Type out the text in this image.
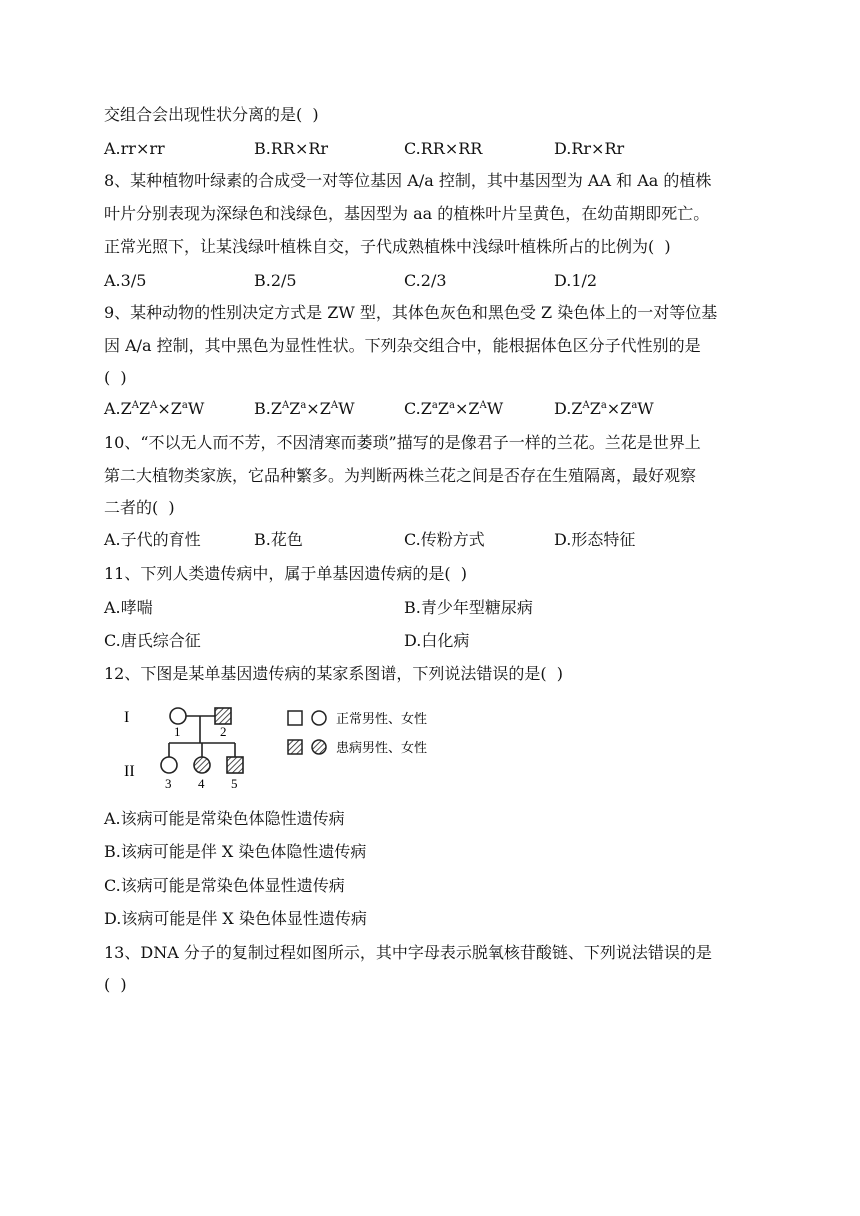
交组合会出现性状分离的是(  )
A.rr×rr	B.RR×Rr	C.RR×RR	D.Rr×Rr
8、某种植物叶绿素的合成受一对等位基因 A/a 控制，其中基因型为 AA 和 Aa 的植株
叶片分别表现为深绿色和浅绿色，基因型为 aa 的植株叶片呈黄色，在幼苗期即死亡。
正常光照下，让某浅绿叶植株自交，子代成熟植株中浅绿叶植株所占的比例为(  )
A.3/5	B.2/5	C.2/3	D.1/2
9、某种动物的性别决定方式是 ZW 型，其体色灰色和黑色受 Z 染色体上的一对等位基
因 A/a 控制，其中黑色为显性性状。下列杂交组合中，能根据体色区分子代性别的是
(  )
$A.Z^AZ^A\times Z^aW$	$B.Z^AZ^a\times Z^AW$	$C.Z^aZ^a\times Z^AW$	$D.Z^AZ^a\times Z^aW$
10、“不以无人而不芳，不因清寒而萎琐”描写的是像君子一样的兰花。兰花是世界上
第二大植物类家族，它品种繁多。为判断两株兰花之间是否存在生殖隔离，最好观察
二者的(  )
A.子代的育性	B.花色	C.传粉方式	D.形态特征
11、下列人类遗传病中，属于单基因遗传病的是(  )
A.哮喘	B.青少年型糖尿病
C.唐氏综合征	D.白化病
12、下图是某单基因遗传病的某家系图谱，下列说法错误的是(  )
I
II
1	2
3 4 5
正常男性、女性
患病男性、女性
A.该病可能是常染色体隐性遗传病
B.该病可能是伴 X 染色体隐性遗传病
C.该病可能是常染色体显性遗传病
D.该病可能是伴 X 染色体显性遗传病
13、DNA 分子的复制过程如图所示，其中字母表示脱氧核苷酸链、下列说法错误的是
(  )
